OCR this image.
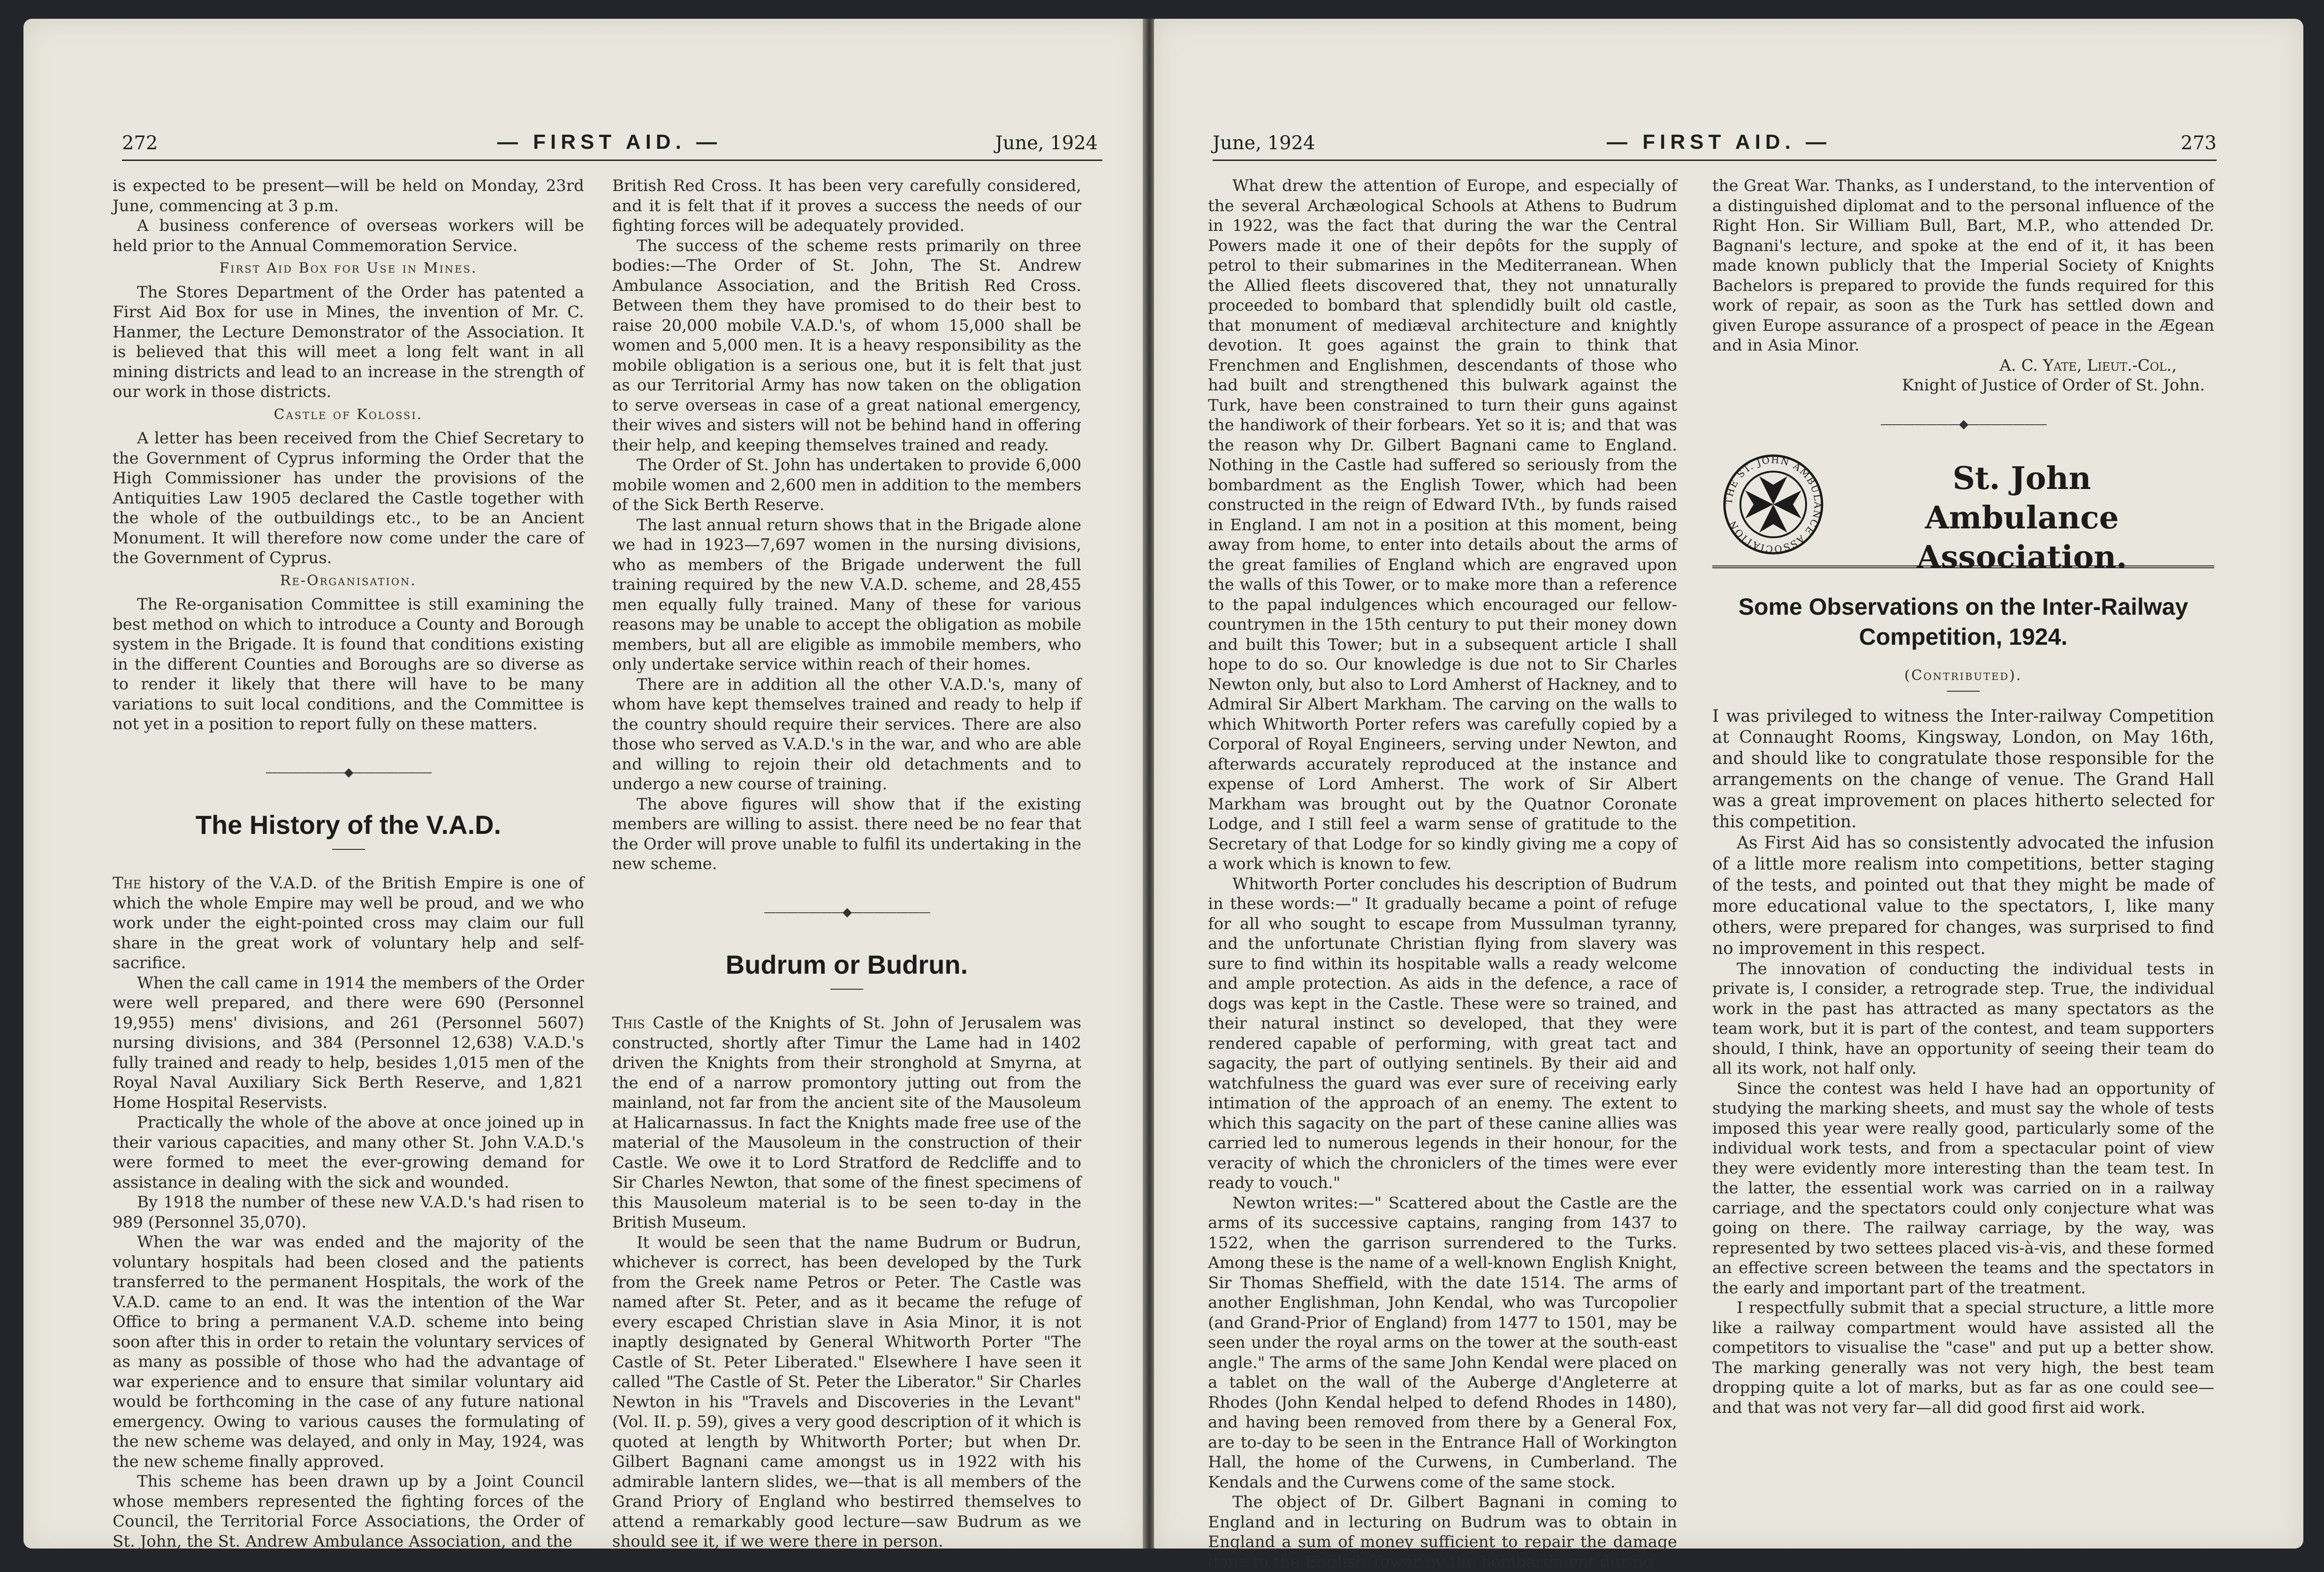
272	— FIRST AID. —	June, 1924

is expected to be present—will be held on Monday, 23rd June, commencing at 3 p.m.

A business conference of overseas workers will be held prior to the Annual Commemoration Service.

First Aid Box for Use in Mines.

The Stores Department of the Order has patented a First Aid Box for use in Mines, the invention of Mr. C. Hanmer, the Lecture Demonstrator of the Association. It is believed that this will meet a long felt want in all mining districts and lead to an increase in the strength of our work in those districts.

Castle of Kolossi.

A letter has been received from the Chief Secretary to the Government of Cyprus informing the Order that the High Commissioner has under the provisions of the Antiquities Law 1905 declared the Castle together with the whole of the outbuildings etc., to be an Ancient Monument. It will therefore now come under the care of the Government of Cyprus.

Re-Organisation.

The Re-organisation Committee is still examining the best method on which to introduce a County and Borough system in the Brigade. It is found that conditions existing in the different Counties and Boroughs are so diverse as to render it likely that there will have to be many variations to suit local conditions, and the Committee is not yet in a position to report fully on these matters.

———————◆———————
The History of the V.A.D.

The history of the V.A.D. of the British Empire is one of which the whole Empire may well be proud, and we who work under the eight-pointed cross may claim our full share in the great work of voluntary help and self-sacrifice.

When the call came in 1914 the members of the Order were well prepared, and there were 690 (Personnel 19,955) mens' divisions, and 261 (Personnel 5607) nursing divisions, and 384 (Personnel 12,638) V.A.D.'s fully trained and ready to help, besides 1,015 men of the Royal Naval Auxiliary Sick Berth Reserve, and 1,821 Home Hospital Reservists.

Practically the whole of the above at once joined up in their various capacities, and many other St. John V.A.D.'s were formed to meet the ever-growing demand for assistance in dealing with the sick and wounded.

By 1918 the number of these new V.A.D.'s had risen to 989 (Personnel 35,070).

When the war was ended and the majority of the voluntary hospitals had been closed and the patients transferred to the permanent Hospitals, the work of the V.A.D. came to an end. It was the intention of the War Office to bring a permanent V.A.D. scheme into being soon after this in order to retain the voluntary services of as many as possible of those who had the advantage of war experience and to ensure that similar voluntary aid would be forthcoming in the case of any future national emergency. Owing to various causes the formulating of the new scheme was delayed, and only in May, 1924, was the new scheme finally approved.

This scheme has been drawn up by a Joint Council whose members represented the fighting forces of the Council, the Territorial Force Associations, the Order of St. John, the St. Andrew Ambulance Association, and the

British Red Cross. It has been very carefully considered, and it is felt that if it proves a success the needs of our fighting forces will be adequately provided.

The success of the scheme rests primarily on three bodies:—The Order of St. John, The St. Andrew Ambulance Association, and the British Red Cross. Between them they have promised to do their best to raise 20,000 mobile V.A.D.'s, of whom 15,000 shall be women and 5,000 men. It is a heavy responsibility as the mobile obligation is a serious one, but it is felt that just as our Territorial Army has now taken on the obligation to serve overseas in case of a great national emergency, their wives and sisters will not be behind hand in offering their help, and keeping themselves trained and ready.

The Order of St. John has undertaken to provide 6,000 mobile women and 2,600 men in addition to the members of the Sick Berth Reserve.

The last annual return shows that in the Brigade alone we had in 1923—7,697 women in the nursing divisions, who as members of the Brigade underwent the full training required by the new V.A.D. scheme, and 28,455 men equally fully trained. Many of these for various reasons may be unable to accept the obligation as mobile members, but all are eligible as immobile members, who only undertake service within reach of their homes.

There are in addition all the other V.A.D.'s, many of whom have kept themselves trained and ready to help if the country should require their services. There are also those who served as V.A.D.'s in the war, and who are able and willing to rejoin their old detachments and to undergo a new course of training.

The above figures will show that if the existing members are willing to assist. there need be no fear that the Order will prove unable to fulfil its undertaking in the new scheme.

———————◆———————
Budrum or Budrun.

This Castle of the Knights of St. John of Jerusalem was constructed, shortly after Timur the Lame had in 1402 driven the Knights from their stronghold at Smyrna, at the end of a narrow promontory jutting out from the mainland, not far from the ancient site of the Mausoleum at Halicarnassus. In fact the Knights made free use of the material of the Mausoleum in the construction of their Castle. We owe it to Lord Stratford de Redcliffe and to Sir Charles Newton, that some of the finest specimens of this Mausoleum material is to be seen to-day in the British Museum.

It would be seen that the name Budrum or Budrun, whichever is correct, has been developed by the Turk from the Greek name Petros or Peter. The Castle was named after St. Peter, and as it became the refuge of every escaped Christian slave in Asia Minor, it is not inaptly designated by General Whitworth Porter "The Castle of St. Peter Liberated." Elsewhere I have seen it called "The Castle of St. Peter the Liberator." Sir Charles Newton in his "Travels and Discoveries in the Levant" (Vol. II. p. 59), gives a very good description of it which is quoted at length by Whitworth Porter; but when Dr. Gilbert Bagnani came amongst us in 1922 with his admirable lantern slides, we—that is all members of the Grand Priory of England who bestirred themselves to attend a remarkably good lecture—saw Budrum as we should see it, if we were there in person.

June, 1924	— FIRST AID. —	273

What drew the attention of Europe, and especially of the several Archæological Schools at Athens to Budrum in 1922, was the fact that during the war the Central Powers made it one of their depôts for the supply of petrol to their submarines in the Mediterranean. When the Allied fleets discovered that, they not unnaturally proceeded to bombard that splendidly built old castle, that monument of mediæval architecture and knightly devotion. It goes against the grain to think that Frenchmen and Englishmen, descendants of those who had built and strengthened this bulwark against the Turk, have been constrained to turn their guns against the handiwork of their forbears. Yet so it is; and that was the reason why Dr. Gilbert Bagnani came to England. Nothing in the Castle had suffered so seriously from the bombardment as the English Tower, which had been constructed in the reign of Edward IVth., by funds raised in England. I am not in a position at this moment, being away from home, to enter into details about the arms of the great families of England which are engraved upon the walls of this Tower, or to make more than a reference to the papal indulgences which encouraged our fellow-countrymen in the 15th century to put their money down and built this Tower; but in a subsequent article I shall hope to do so. Our knowledge is due not to Sir Charles Newton only, but also to Lord Amherst of Hackney, and to Admiral Sir Albert Markham. The carving on the walls to which Whitworth Porter refers was carefully copied by a Corporal of Royal Engineers, serving under Newton, and afterwards accurately reproduced at the instance and expense of Lord Amherst. The work of Sir Albert Markham was brought out by the Quatnor Coronate Lodge, and I still feel a warm sense of gratitude to the Secretary of that Lodge for so kindly giving me a copy of a work which is known to few.

Whitworth Porter concludes his description of Budrum in these words:—" It gradually became a point of refuge for all who sought to escape from Mussulman tyranny, and the unfortunate Christian flying from slavery was sure to find within its hospitable walls a ready welcome and ample protection. As aids in the defence, a race of dogs was kept in the Castle. These were so trained, and their natural instinct so developed, that they were rendered capable of performing, with great tact and sagacity, the part of outlying sentinels. By their aid and watchfulness the guard was ever sure of receiving early intimation of the approach of an enemy. The extent to which this sagacity on the part of these canine allies was carried led to numerous legends in their honour, for the veracity of which the chroniclers of the times were ever ready to vouch."

Newton writes:—" Scattered about the Castle are the arms of its successive captains, ranging from 1437 to 1522, when the garrison surrendered to the Turks. Among these is the name of a well-known English Knight, Sir Thomas Sheffield, with the date 1514. The arms of another Englishman, John Kendal, who was Turcopolier (and Grand-Prior of England) from 1477 to 1501, may be seen under the royal arms on the tower at the south-east angle." The arms of the same John Kendal were placed on a tablet on the wall of the Auberge d'Angleterre at Rhodes (John Kendal helped to defend Rhodes in 1480), and having been removed from there by a General Fox, are to-day to be seen in the Entrance Hall of Workington Hall, the home of the Curwens, in Cumberland. The Kendals and the Curwens come of the same stock.

The object of Dr. Gilbert Bagnani in coming to England and in lecturing on Budrum was to obtain in England a sum of money sufficient to repair the damage done to the English Tower by the bombardment during

the Great War. Thanks, as I understand, to the intervention of a distinguished diplomat and to the personal influence of the Right Hon. Sir William Bull, Bart, M.P., who attended Dr. Bagnani's lecture, and spoke at the end of it, it has been made known publicly that the Imperial Society of Knights Bachelors is prepared to provide the funds required for this work of repair, as soon as the Turk has settled down and given Europe assurance of a prospect of peace in the Ægean and in Asia Minor.

A. C. Yate, Lieut.-Col.,
Knight of Justice of Order of St. John.
———————◆———————
THE ST. JOHN AMBULANCE ASSOCIATION
St. John Ambulance
Association.
Some Observations on the Inter-Railway Competition, 1924.
(Contributed).

I was privileged to witness the Inter-railway Competition at Connaught Rooms, Kingsway, London, on May 16th, and should like to congratulate those responsible for the arrangements on the change of venue. The Grand Hall was a great improvement on places hitherto selected for this competition.

As First Aid has so consistently advocated the infusion of a little more realism into competitions, better staging of the tests, and pointed out that they might be made of more educational value to the spectators, I, like many others, were prepared for changes, was surprised to find no improvement in this respect.

The innovation of conducting the individual tests in private is, I consider, a retrograde step. True, the individual work in the past has attracted as many spectators as the team work, but it is part of the contest, and team supporters should, I think, have an opportunity of seeing their team do all its work, not half only.

Since the contest was held I have had an opportunity of studying the marking sheets, and must say the whole of tests imposed this year were really good, particularly some of the individual work tests, and from a spectacular point of view they were evidently more interesting than the team test. In the latter, the essential work was carried on in a railway carriage, and the spectators could only conjecture what was going on there. The railway carriage, by the way, was represented by two settees placed vis-à-vis, and these formed an effective screen between the teams and the spectators in the early and important part of the treatment.

I respectfully submit that a special structure, a little more like a railway compartment would have assisted all the competitors to visualise the "case" and put up a better show. The marking generally was not very high, the best team dropping quite a lot of marks, but as far as one could see—and that was not very far—all did good first aid work.
